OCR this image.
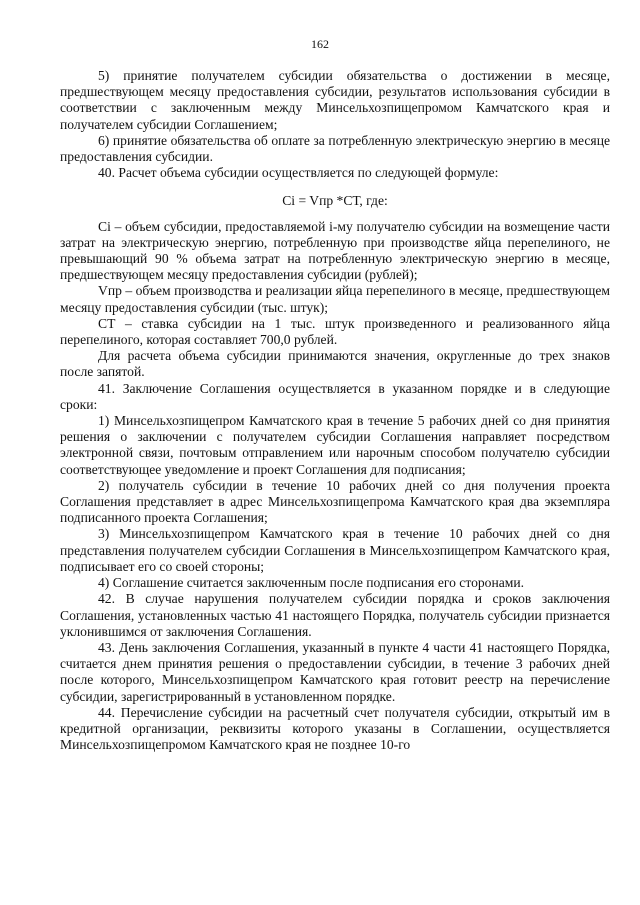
162

5) принятие получателем субсидии обязательства о достижении в месяце, предшествующем месяцу предоставления субсидии, результатов использования субсидии в соответствии с заключенным между Минсельхозпищепромом Камчатского края и получателем субсидии Соглашением;

6) принятие обязательства об оплате за потребленную электрическую энергию в месяце предоставления субсидии.

40. Расчет объема субсидии осуществляется по следующей формуле:

Ci = Vпр *СТ, где:

Ci – объем субсидии, предоставляемой i-му получателю субсидии на возмещение части затрат на электрическую энергию, потребленную при производстве яйца перепелиного, не превышающий 90 % объема затрат на потребленную электрическую энергию в месяце, предшествующем месяцу предоставления субсидии (рублей);

Vпр – объем производства и реализации яйца перепелиного в месяце, предшествующем месяцу предоставления субсидии (тыс. штук);

СТ – ставка субсидии на 1 тыс. штук произведенного и реализованного яйца перепелиного, которая составляет 700,0 рублей.

Для расчета объема субсидии принимаются значения, округленные до трех знаков после запятой.

41. Заключение Соглашения осуществляется в указанном порядке и в следующие сроки:

1) Минсельхозпищепром Камчатского края в течение 5 рабочих дней со дня принятия решения о заключении с получателем субсидии Соглашения направляет посредством электронной связи, почтовым отправлением или нарочным способом получателю субсидии соответствующее уведомление и проект Соглашения для подписания;

2) получатель субсидии в течение 10 рабочих дней со дня получения проекта Соглашения представляет в адрес Минсельхозпищепрома Камчатского края два экземпляра подписанного проекта Соглашения;

3) Минсельхозпищепром Камчатского края в течение 10 рабочих дней со дня представления получателем субсидии Соглашения в Минсельхозпищепром Камчатского края, подписывает его со своей стороны;

4) Соглашение считается заключенным после подписания его сторонами.

42. В случае нарушения получателем субсидии порядка и сроков заключения Соглашения, установленных частью 41 настоящего Порядка, получатель субсидии признается уклонившимся от заключения Соглашения.

43. День заключения Соглашения, указанный в пункте 4 части 41 настоящего Порядка, считается днем принятия решения о предоставлении субсидии, в течение 3 рабочих дней после которого, Минсельхозпищепром Камчатского края готовит реестр на перечисление субсидии, зарегистрированный в установленном порядке.

44. Перечисление субсидии на расчетный счет получателя субсидии, открытый им в кредитной организации, реквизиты которого указаны в Соглашении, осуществляется Минсельхозпищепромом Камчатского края не позднее 10-го
